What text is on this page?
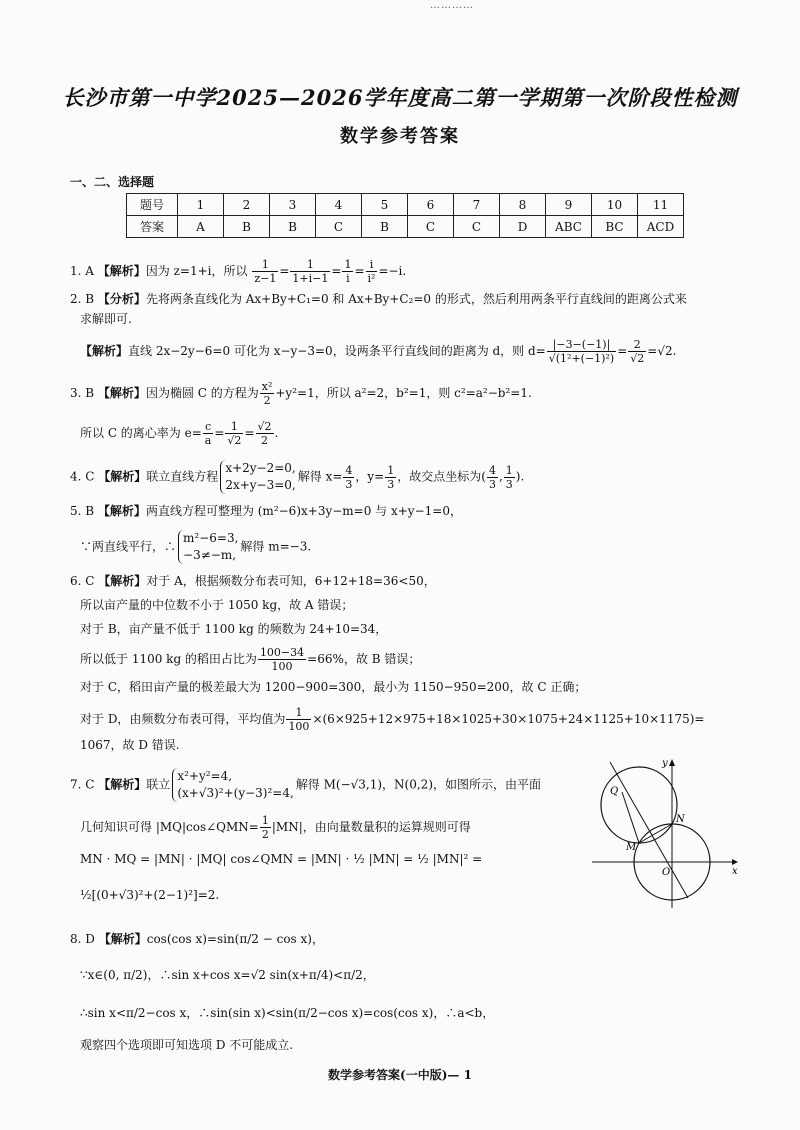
…………
长沙市第一中学2025—2026学年度高二第一学期第一次阶段性检测
数学参考答案
一、二、选择题
题号	1	2	3	4	5	6	7	8	9	10	11
答案	A	B	B	C	B	C	C	D	ABC	BC	ACD
1. A 【解析】因为 z=1+i，所以 $\frac{1}{z-1} = \frac{1}{1+i-1} = \frac{1}{i} = \frac{i}{\text{i²}} =-i$.
2. B 【分析】先将两条直线化为 Ax+By+C₁=0 和 Ax+By+C₂=0 的形式，然后利用两条平行直线间的距离公式来
求解即可.
【解析】直线 2x−2y−6=0 可化为 x−y−3=0，设两条平行直线间的距离为 d，则 $d= \frac{|-3-(-1)|}{\text{√(1²+(−1)²)}} = \frac{2}{√2} =√2$.
3. B 【解析】因为椭圆 C 的方程为 $\frac{\text{x²}}{2} +y^2=1$，所以 a²=2，b²=1，则 c²=a²−b²=1.
所以 C 的离心率为 $e= \frac{c}{a} = \frac{1}{√2} = \frac{√2}{2}$ .
4. C 【解析】联立直线方程
x+2y−2=0,
2x+y−3=0,
解得 $x= \frac{4}{3}$ ，$y= \frac{1}{3}$ ，故交点坐标为( $\frac{4}{3}$ , $\frac{1}{3}$ ).
5. B 【解析】两直线方程可整理为 (m²−6)x+3y−m=0 与 x+y−1=0，
∵两直线平行，∴
m²−6=3,
−3≠−m,
解得 m=−3.
6. C 【解析】对于 A，根据频数分布表可知，6+12+18=36<50，
所以亩产量的中位数不小于 1050 kg，故 A 错误；
对于 B，亩产量不低于 1100 kg 的频数为 24+10=34，
所以低于 1100 kg 的稻田占比为 $\frac{100-34}{100} =66\%$，故 B 错误；
对于 C，稻田亩产量的极差最大为 1200−900=300，最小为 1150−950=200，故 C 正确；
对于 D，由频数分布表可得，平均值为 $\frac{1}{100} \times(6\times 925+12\times 975+18\times 1025+30\times 1075+24\times 1125+10\times 1175)=$
1067，故 D 错误.
7. C 【解析】联立
x²+y²=4,
(x+√3)²+(y−3)²=4,
解得 M(−√3,1)，N(0,2)，如图所示，由平面
几何知识可得 |MQ|cos∠QMN= $\frac{1}{2} |MN|$，由向量数量积的运算规则可得
MN · MQ = |MN| · |MQ| cos∠QMN = |MN| · ½ |MN| = ½ |MN|² =
½[(0+√3)²+(2−1)²]=2.
y
x
Q
N
M
O
8. D 【解析】cos(cos x)=sin(π/2 − cos x)，
∵x∈(0, π/2)，∴sin x+cos x=√2 sin(x+π/4)<π/2，
∴sin x<π/2−cos x，∴sin(sin x)<sin(π/2−cos x)=cos(cos x)，∴a<b，
观察四个选项即可知选项 D 不可能成立.
数学参考答案(一中版)— 1
